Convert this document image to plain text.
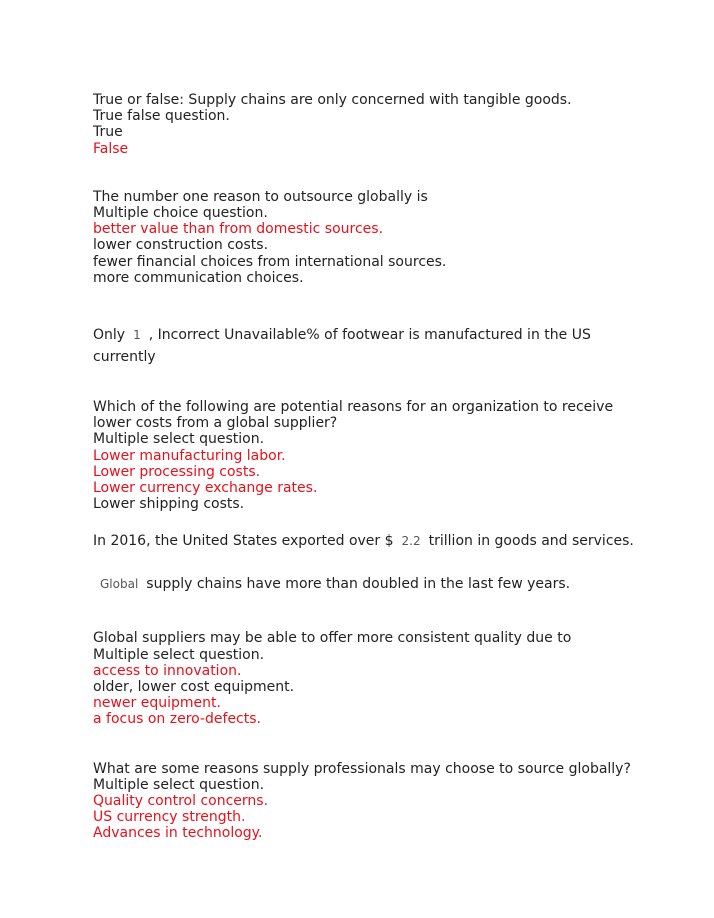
True or false: Supply chains are only concerned with tangible goods.
True false question.
True
False
The number one reason to outsource globally is
Multiple choice question.
better value than from domestic sources.
lower construction costs.
fewer financial choices from international sources.
more communication choices.
Only 1 , Incorrect Unavailable% of footwear is manufactured in the US
currently
Which of the following are potential reasons for an organization to receive
lower costs from a global supplier?
Multiple select question.
Lower manufacturing labor.
Lower processing costs.
Lower currency exchange rates.
Lower shipping costs.
In 2016, the United States exported over $ 2.2 trillion in goods and services.
Global supply chains have more than doubled in the last few years.
Global suppliers may be able to offer more consistent quality due to
Multiple select question.
access to innovation.
older, lower cost equipment.
newer equipment.
a focus on zero-defects.
What are some reasons supply professionals may choose to source globally?
Multiple select question.
Quality control concerns.
US currency strength.
Advances in technology.
